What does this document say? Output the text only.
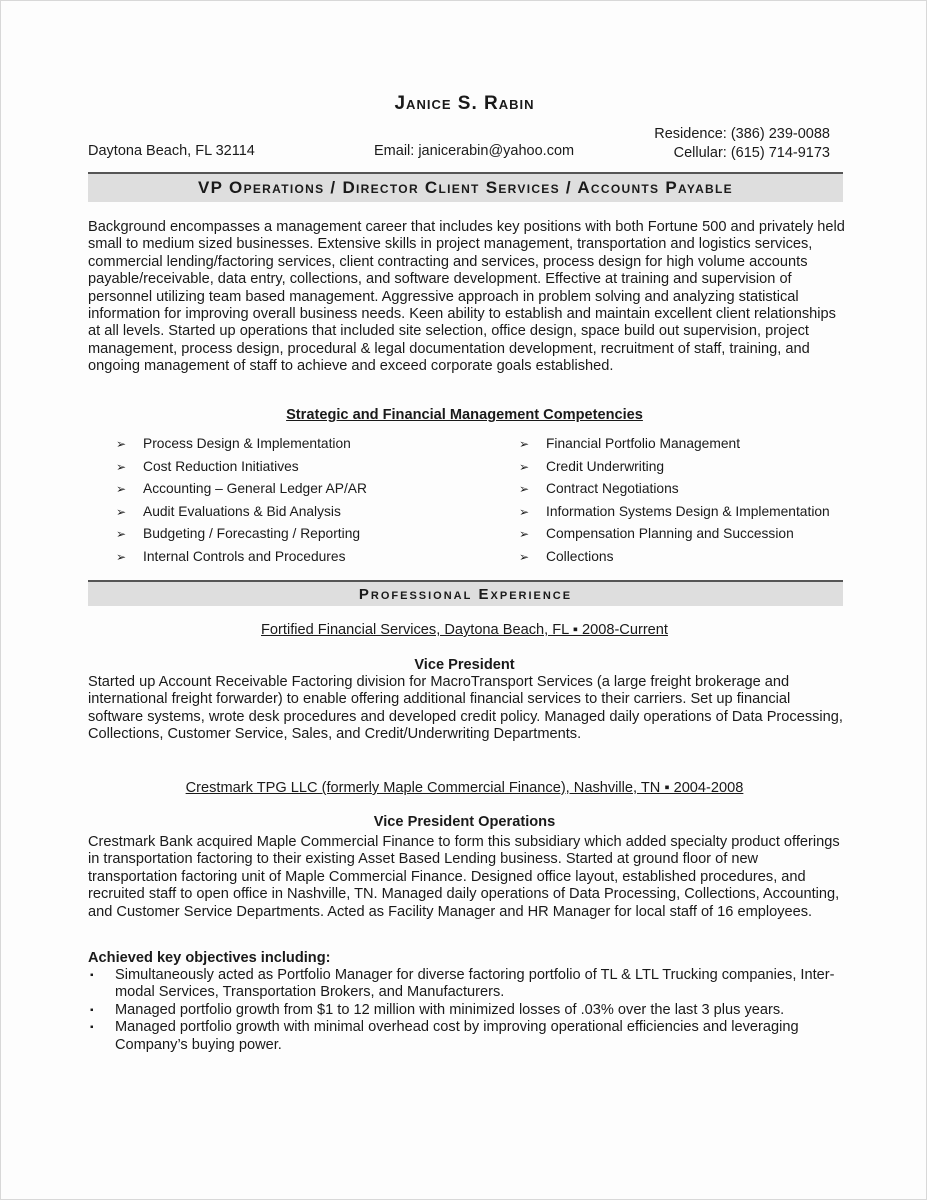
Janice S. Rabin
Daytona Beach, FL 32114	Email: janicerabin@yahoo.com
Residence: (386) 239-0088
Cellular: (615) 714-9173
VP Operations / Director Client Services / Accounts Payable

Background encompasses a management career that includes key positions with both Fortune 500 and privately held small to medium sized businesses. Extensive skills in project management, transportation and logistics services, commercial lending/factoring services, client contracting and services, process design for high volume accounts payable/receivable, data entry, collections, and software development. Effective at training and supervision of personnel utilizing team based management. Aggressive approach in problem solving and analyzing statistical information for improving overall business needs. Keen ability to establish and maintain excellent client relationships at all levels. Started up operations that included site selection, office design, space build out supervision, project management, process design, procedural & legal documentation development, recruitment of staff, training, and ongoing management of staff to achieve and exceed corporate goals established.

Strategic and Financial Management Competencies
➢ Process Design & Implementation
➢ Cost Reduction Initiatives
➢ Accounting – General Ledger AP/AR
➢ Audit Evaluations & Bid Analysis
➢ Budgeting / Forecasting / Reporting
➢ Internal Controls and Procedures
➢ Financial Portfolio Management
➢ Credit Underwriting
➢ Contract Negotiations
➢ Information Systems Design & Implementation
➢ Compensation Planning and Succession
➢ Collections
Professional Experience
Fortified Financial Services, Daytona Beach, FL ▪ 2008-Current
Vice President

Started up Account Receivable Factoring division for MacroTransport Services (a large freight brokerage and international freight forwarder) to enable offering additional financial services to their carriers. Set up financial software systems, wrote desk procedures and developed credit policy. Managed daily operations of Data Processing, Collections, Customer Service, Sales, and Credit/Underwriting Departments.

Crestmark TPG LLC (formerly Maple Commercial Finance), Nashville, TN ▪ 2004-2008
Vice President Operations

Crestmark Bank acquired Maple Commercial Finance to form this subsidiary which added specialty product offerings in transportation factoring to their existing Asset Based Lending business. Started at ground floor of new transportation factoring unit of Maple Commercial Finance. Designed office layout, established procedures, and recruited staff to open office in Nashville, TN. Managed daily operations of Data Processing, Collections, Accounting, and Customer Service Departments. Acted as Facility Manager and HR Manager for local staff of 16 employees.

Achieved key objectives including:
▪ Simultaneously acted as Portfolio Manager for diverse factoring portfolio of TL & LTL Trucking companies, Inter-modal Services, Transportation Brokers, and Manufacturers.
▪ Managed portfolio growth from $1 to 12 million with minimized losses of .03% over the last 3 plus years.
▪ Managed portfolio growth with minimal overhead cost by improving operational efficiencies and leveraging Company’s buying power.
